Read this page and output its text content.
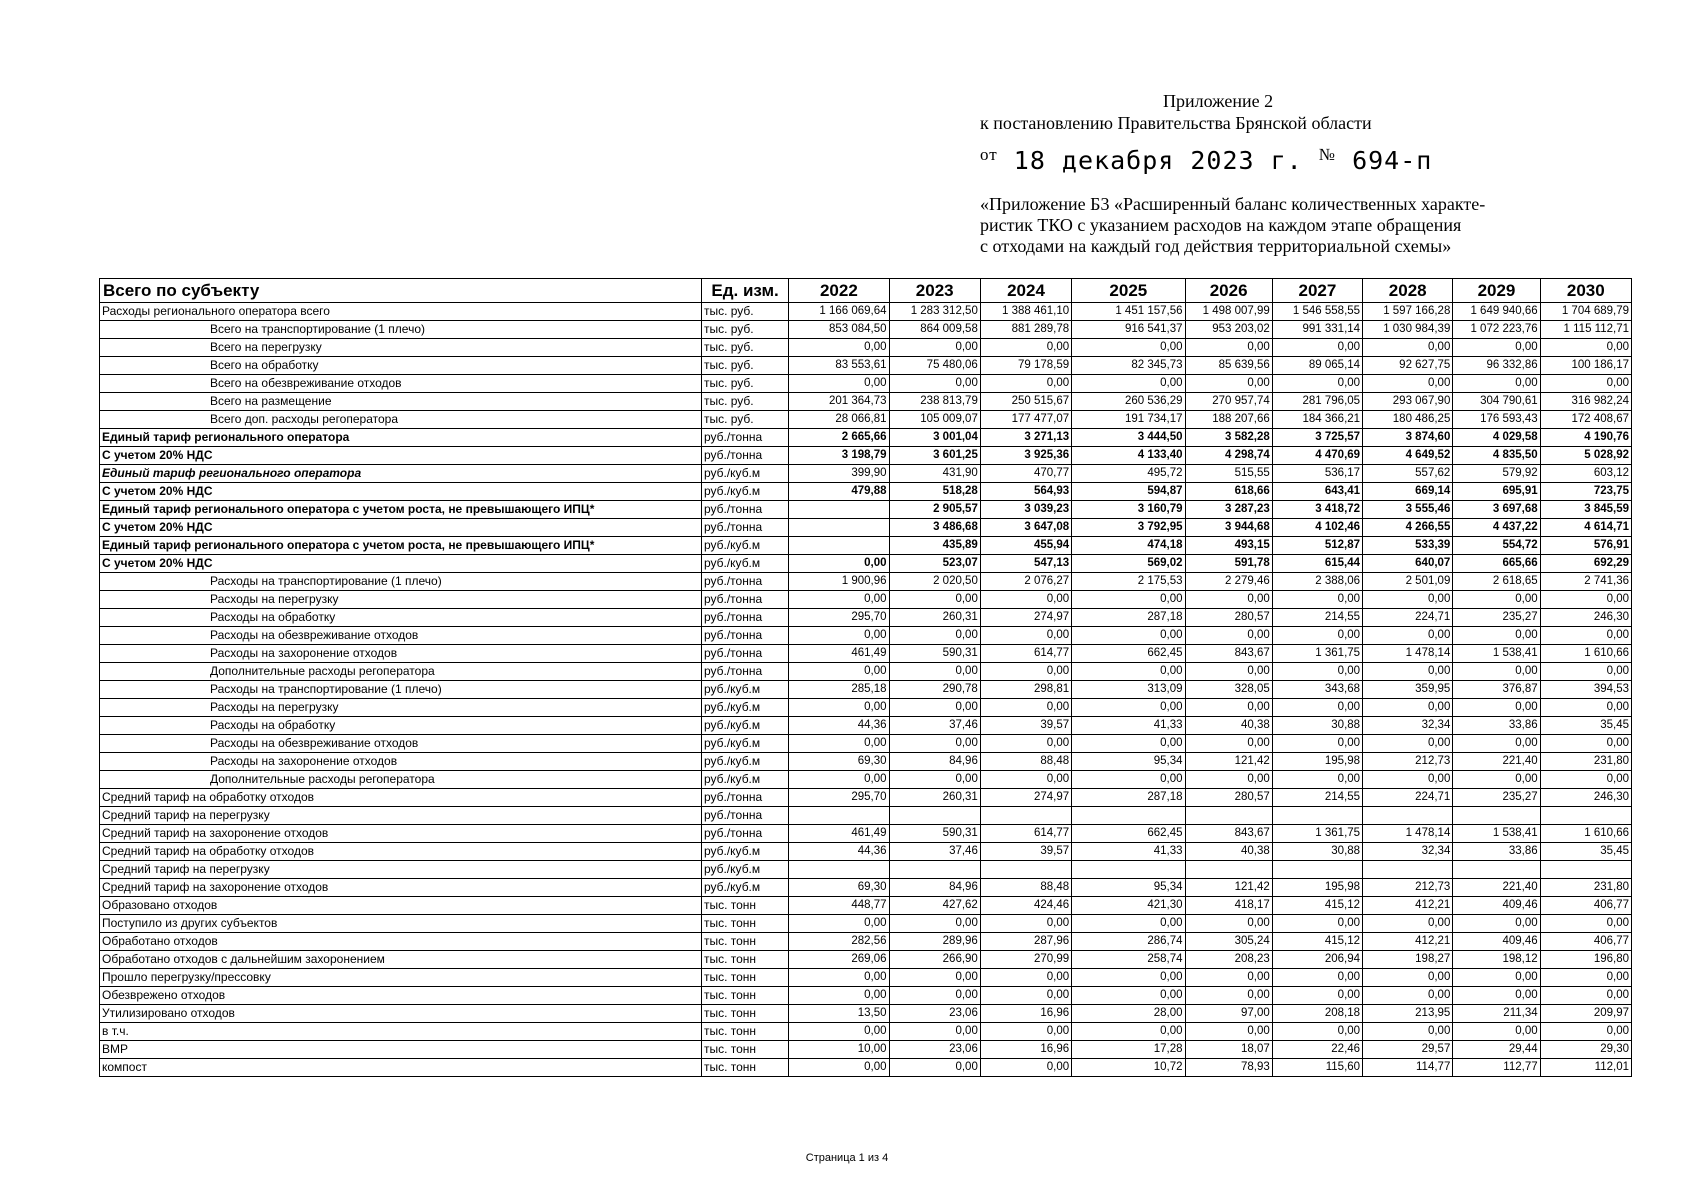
Приложение 2
к постановлению Правительства Брянской области
$^{от}$ 18 декабря 2023 г. № 694-п
«Приложение Б3 «Расширенный баланс количественных характе-
ристик ТКО с указанием расходов на каждом этапе обращения
с отходами на каждый год действия территориальной схемы»
Всего по субъекту	Ед. изм.	2022	2023	2024	2025	2026	2027	2028	2029	2030
Расходы регионального оператора всего	тыс. руб.	1 166 069,64	1 283 312,50	1 388 461,10	1 451 157,56	1 498 007,99	1 546 558,55	1 597 166,28	1 649 940,66	1 704 689,79
Всего на транспортирование (1 плечо)	тыс. руб.	853 084,50	864 009,58	881 289,78	916 541,37	953 203,02	991 331,14	1 030 984,39	1 072 223,76	1 115 112,71
Всего на перегрузку	тыс. руб.	0,00	0,00	0,00	0,00	0,00	0,00	0,00	0,00	0,00
Всего на обработку	тыс. руб.	83 553,61	75 480,06	79 178,59	82 345,73	85 639,56	89 065,14	92 627,75	96 332,86	100 186,17
Всего на обезвреживание отходов	тыс. руб.	0,00	0,00	0,00	0,00	0,00	0,00	0,00	0,00	0,00
Всего на размещение	тыс. руб.	201 364,73	238 813,79	250 515,67	260 536,29	270 957,74	281 796,05	293 067,90	304 790,61	316 982,24
Всего доп. расходы регоператора	тыс. руб.	28 066,81	105 009,07	177 477,07	191 734,17	188 207,66	184 366,21	180 486,25	176 593,43	172 408,67
Единый тариф регионального оператора	руб./тонна	2 665,66	3 001,04	3 271,13	3 444,50	3 582,28	3 725,57	3 874,60	4 029,58	4 190,76
С учетом 20% НДС	руб./тонна	3 198,79	3 601,25	3 925,36	4 133,40	4 298,74	4 470,69	4 649,52	4 835,50	5 028,92
Единый тариф регионального оператора	руб./куб.м	399,90	431,90	470,77	495,72	515,55	536,17	557,62	579,92	603,12
С учетом 20% НДС	руб./куб.м	479,88	518,28	564,93	594,87	618,66	643,41	669,14	695,91	723,75
Единый тариф регионального оператора с учетом роста, не превышающего ИПЦ*	руб./тонна		2 905,57	3 039,23	3 160,79	3 287,23	3 418,72	3 555,46	3 697,68	3 845,59
С учетом 20% НДС	руб./тонна		3 486,68	3 647,08	3 792,95	3 944,68	4 102,46	4 266,55	4 437,22	4 614,71
Единый тариф регионального оператора с учетом роста, не превышающего ИПЦ*	руб./куб.м		435,89	455,94	474,18	493,15	512,87	533,39	554,72	576,91
С учетом 20% НДС	руб./куб.м	0,00	523,07	547,13	569,02	591,78	615,44	640,07	665,66	692,29
Расходы на транспортирование (1 плечо)	руб./тонна	1 900,96	2 020,50	2 076,27	2 175,53	2 279,46	2 388,06	2 501,09	2 618,65	2 741,36
Расходы на перегрузку	руб./тонна	0,00	0,00	0,00	0,00	0,00	0,00	0,00	0,00	0,00
Расходы на обработку	руб./тонна	295,70	260,31	274,97	287,18	280,57	214,55	224,71	235,27	246,30
Расходы на обезвреживание отходов	руб./тонна	0,00	0,00	0,00	0,00	0,00	0,00	0,00	0,00	0,00
Расходы на захоронение отходов	руб./тонна	461,49	590,31	614,77	662,45	843,67	1 361,75	1 478,14	1 538,41	1 610,66
Дополнительные расходы регоператора	руб./тонна	0,00	0,00	0,00	0,00	0,00	0,00	0,00	0,00	0,00
Расходы на транспортирование (1 плечо)	руб./куб.м	285,18	290,78	298,81	313,09	328,05	343,68	359,95	376,87	394,53
Расходы на перегрузку	руб./куб.м	0,00	0,00	0,00	0,00	0,00	0,00	0,00	0,00	0,00
Расходы на обработку	руб./куб.м	44,36	37,46	39,57	41,33	40,38	30,88	32,34	33,86	35,45
Расходы на обезвреживание отходов	руб./куб.м	0,00	0,00	0,00	0,00	0,00	0,00	0,00	0,00	0,00
Расходы на захоронение отходов	руб./куб.м	69,30	84,96	88,48	95,34	121,42	195,98	212,73	221,40	231,80
Дополнительные расходы регоператора	руб./куб.м	0,00	0,00	0,00	0,00	0,00	0,00	0,00	0,00	0,00
Средний тариф на обработку отходов	руб./тонна	295,70	260,31	274,97	287,18	280,57	214,55	224,71	235,27	246,30
Средний тариф на перегрузку	руб./тонна									
Средний тариф на захоронение отходов	руб./тонна	461,49	590,31	614,77	662,45	843,67	1 361,75	1 478,14	1 538,41	1 610,66
Средний тариф на обработку отходов	руб./куб.м	44,36	37,46	39,57	41,33	40,38	30,88	32,34	33,86	35,45
Средний тариф на перегрузку	руб./куб.м									
Средний тариф на захоронение отходов	руб./куб.м	69,30	84,96	88,48	95,34	121,42	195,98	212,73	221,40	231,80
Образовано отходов	тыс. тонн	448,77	427,62	424,46	421,30	418,17	415,12	412,21	409,46	406,77
Поступило из других субъектов	тыс. тонн	0,00	0,00	0,00	0,00	0,00	0,00	0,00	0,00	0,00
Обработано отходов	тыс. тонн	282,56	289,96	287,96	286,74	305,24	415,12	412,21	409,46	406,77
Обработано отходов с дальнейшим захоронением	тыс. тонн	269,06	266,90	270,99	258,74	208,23	206,94	198,27	198,12	196,80
Прошло перегрузку/прессовку	тыс. тонн	0,00	0,00	0,00	0,00	0,00	0,00	0,00	0,00	0,00
Обезврежено отходов	тыс. тонн	0,00	0,00	0,00	0,00	0,00	0,00	0,00	0,00	0,00
Утилизировано отходов	тыс. тонн	13,50	23,06	16,96	28,00	97,00	208,18	213,95	211,34	209,97
в т.ч.	тыс. тонн	0,00	0,00	0,00	0,00	0,00	0,00	0,00	0,00	0,00
ВМР	тыс. тонн	10,00	23,06	16,96	17,28	18,07	22,46	29,57	29,44	29,30
компост	тыс. тонн	0,00	0,00	0,00	10,72	78,93	115,60	114,77	112,77	112,01
Страница 1 из 4
